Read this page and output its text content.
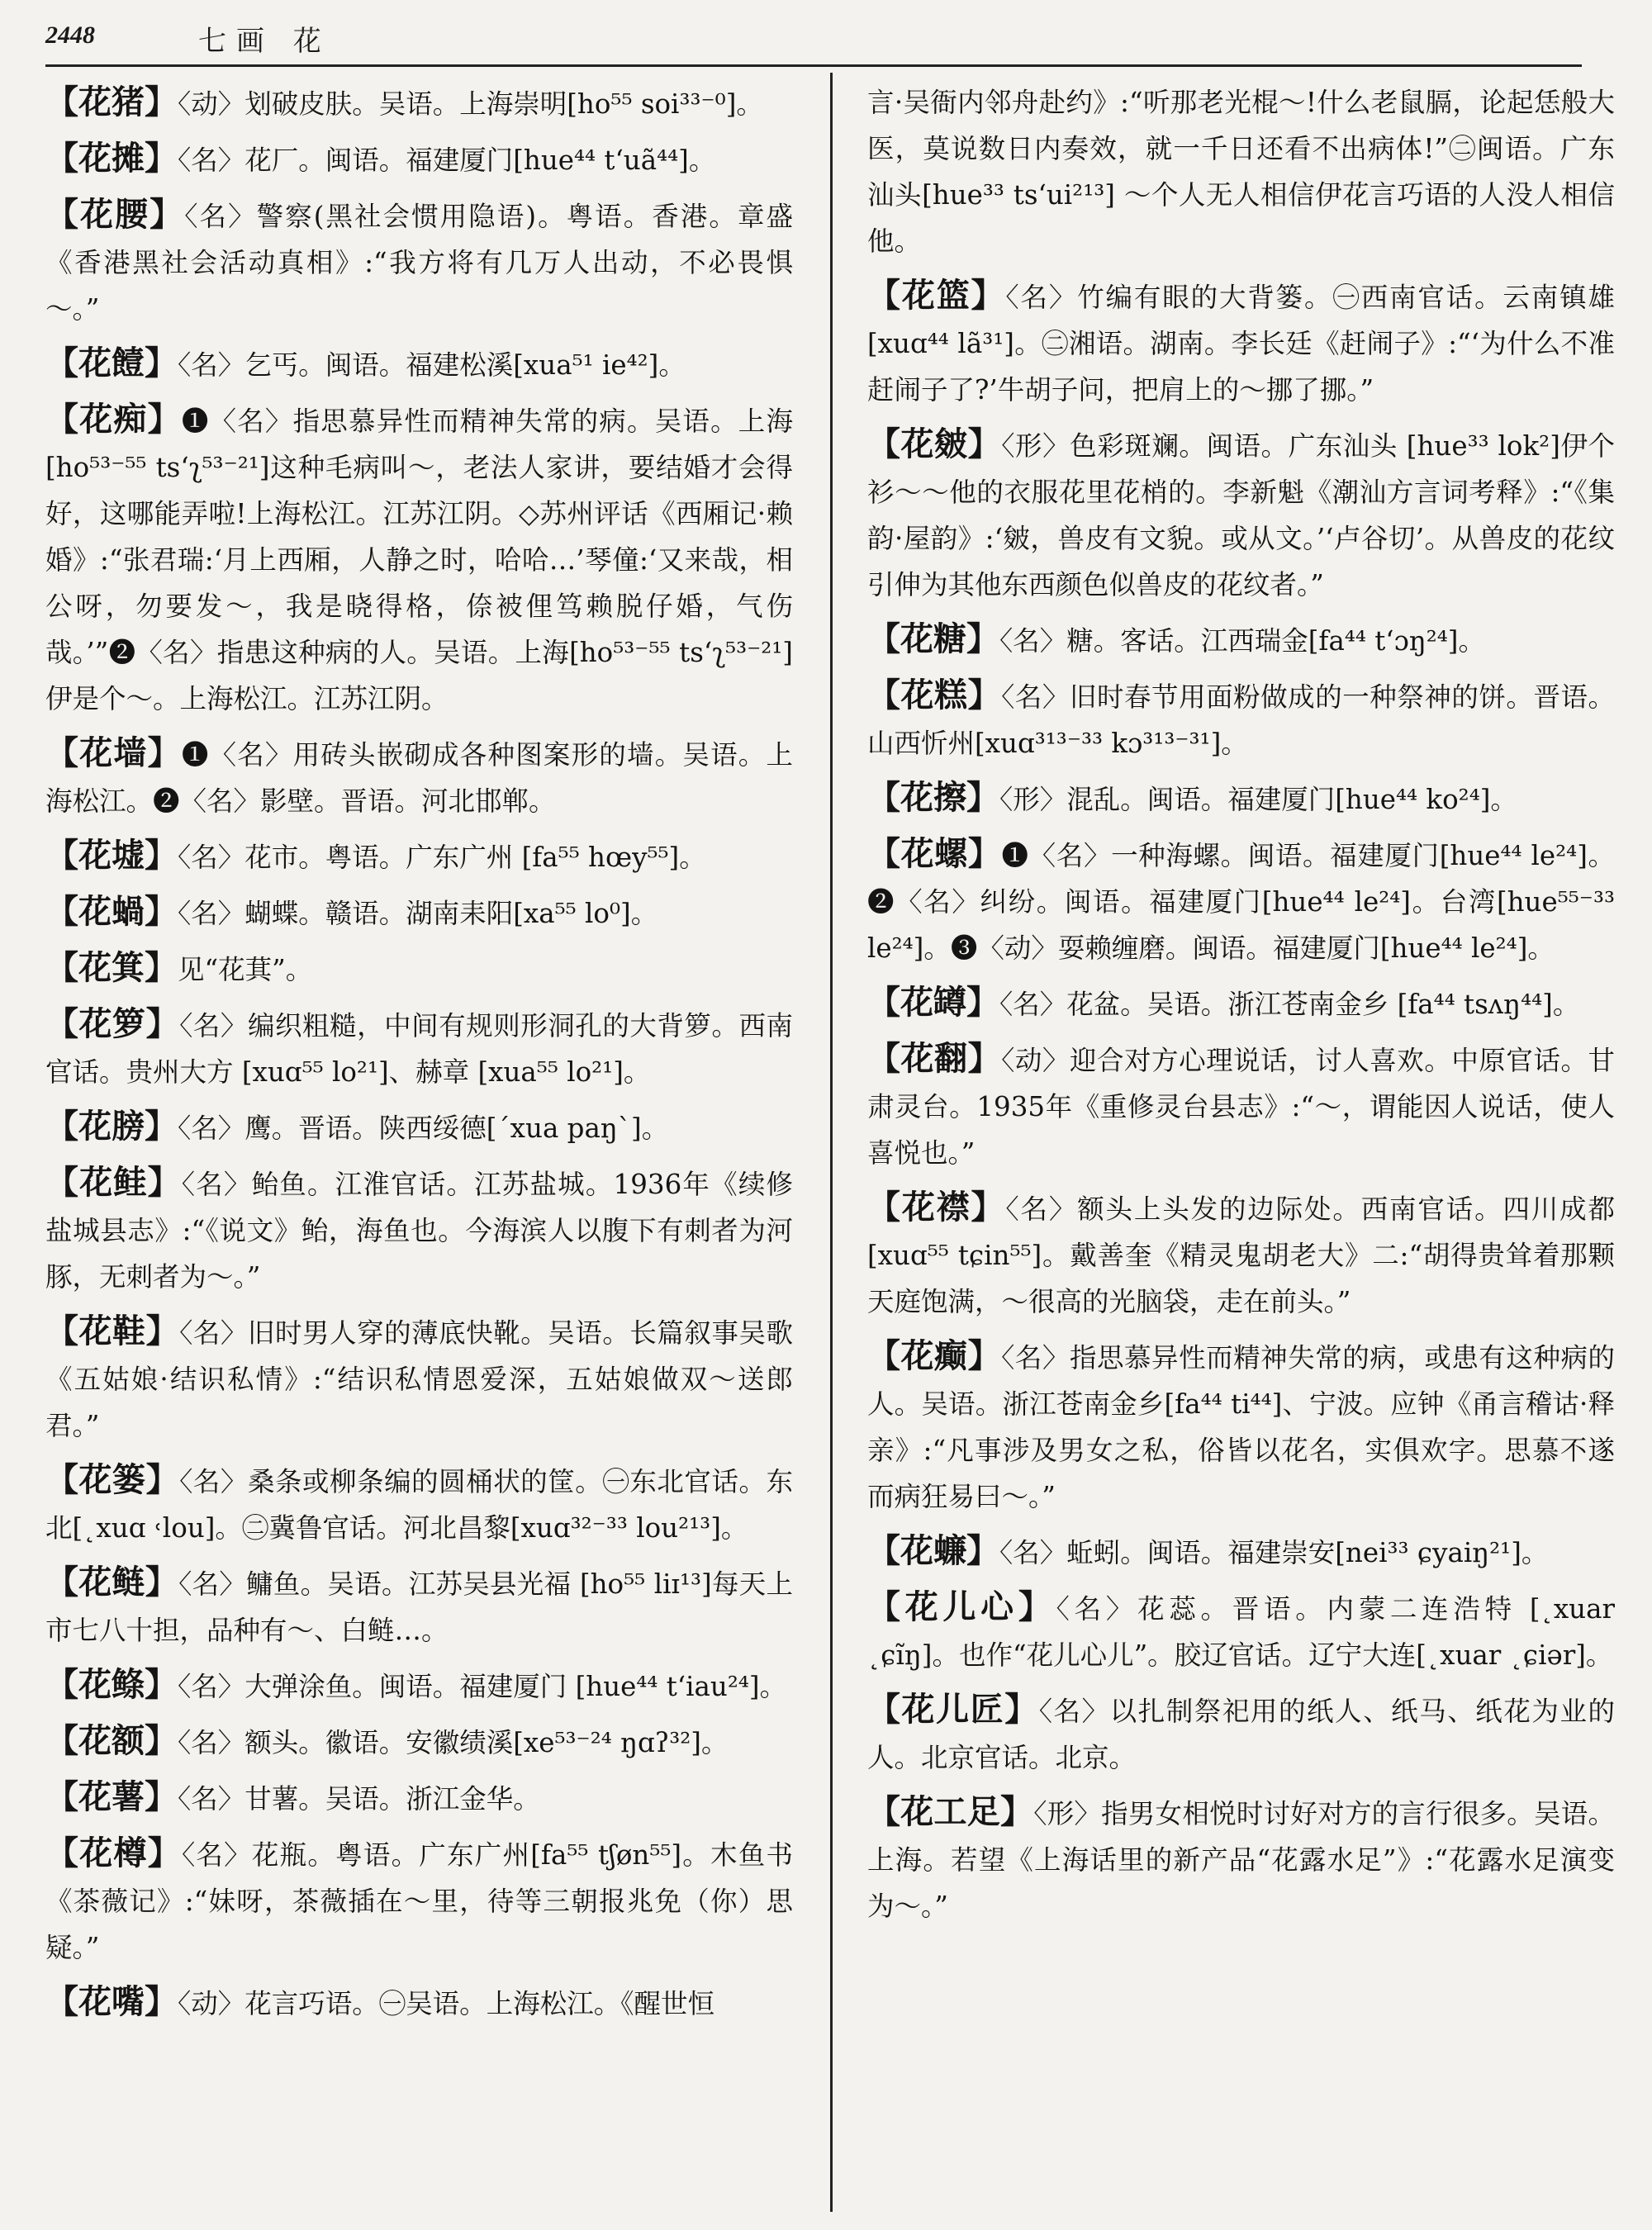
2448	七画 花

【花猪】〈动〉划破皮肤。吴语。上海崇明[ho⁵⁵ soi³³⁻⁰]。

【花摊】〈名〉花厂。闽语。福建厦门[hue⁴⁴ t‘uã⁴⁴]。

【花腰】〈名〉警察(黑社会惯用隐语)。粤语。香港。章盛《香港黑社会活动真相》:“我方将有几万人出动，不必畏惧～。”

【花饐】〈名〉乞丐。闽语。福建松溪[xua⁵¹ ie⁴²]。

【花痴】❶〈名〉指思慕异性而精神失常的病。吴语。上海[ho⁵³⁻⁵⁵ ts‘ʅ⁵³⁻²¹]这种毛病叫～，老法人家讲，要结婚才会得好，这哪能弄啦!上海松江。江苏江阴。◇苏州评话《西厢记·赖婚》:“张君瑞:‘月上西厢，人静之时，哈哈…’琴僮:‘又来哉，相公呀，勿要发～，我是晓得格，倷被俚笃赖脱仔婚，气伤哉。’”❷〈名〉指患这种病的人。吴语。上海[ho⁵³⁻⁵⁵ ts‘ʅ⁵³⁻²¹]伊是个～。上海松江。江苏江阴。

【花墙】❶〈名〉用砖头嵌砌成各种图案形的墙。吴语。上海松江。❷〈名〉影壁。晋语。河北邯郸。

【花墟】〈名〉花市。粤语。广东广州 [fa⁵⁵ hœy⁵⁵]。

【花蝸】〈名〉蝴蝶。赣语。湖南耒阳[xa⁵⁵ lo⁰]。

【花箕】见“花萁”。

【花箩】〈名〉编织粗糙，中间有规则形洞孔的大背箩。西南官话。贵州大方 [xuɑ⁵⁵ lo²¹]、赫章 [xua⁵⁵ lo²¹]。

【花膀】〈名〉鹰。晋语。陕西绥德[ˊxua paŋˋ]。

【花鲑】〈名〉鲐鱼。江淮官话。江苏盐城。1936年《续修盐城县志》:“《说文》鲐，海鱼也。今海滨人以腹下有刺者为河豚，无刺者为～。”

【花鞋】〈名〉旧时男人穿的薄底快靴。吴语。长篇叙事吴歌《五姑娘·结识私情》:“结识私情恩爱深，五姑娘做双～送郎君。”

【花篓】〈名〉桑条或柳条编的圆桶状的筐。㊀东北官话。东北[˛xuɑ ˓lou]。㊁冀鲁官话。河北昌黎[xuɑ³²⁻³³ lou²¹³]。

【花鲢】〈名〉鳙鱼。吴语。江苏吴县光福 [ho⁵⁵ liɪ¹³]每天上市七八十担，品种有～、白鲢…。

【花鲦】〈名〉大弹涂鱼。闽语。福建厦门 [hue⁴⁴ t‘iau²⁴]。

【花额】〈名〉额头。徽语。安徽绩溪[xe⁵³⁻²⁴ ŋɑʔ³²]。

【花薯】〈名〉甘薯。吴语。浙江金华。

【花樽】〈名〉花瓶。粤语。广东广州[fa⁵⁵ tʃøn⁵⁵]。木鱼书《茶薇记》:“妹呀，茶薇插在～里，待等三朝报兆免（你）思疑。”

【花嘴】〈动〉花言巧语。㊀吴语。上海松江。《醒世恒

言·吴衙内邻舟赴约》:“听那老光棍～!什么老鼠膈，论起恁般大医，莫说数日内奏效，就一千日还看不出病体!”㊁闽语。广东汕头[hue³³ ts‘ui²¹³] ～个人无人相信伊花言巧语的人没人相信他。

【花篮】〈名〉竹编有眼的大背篓。㊀西南官话。云南镇雄 [xuɑ⁴⁴ lã³¹]。㊁湘语。湖南。李长廷《赶闹子》:“‘为什么不准赶闹子了?’牛胡子问，把肩上的～挪了挪。”

【花皴】〈形〉色彩斑斓。闽语。广东汕头 [hue³³ lok²]伊个衫～～他的衣服花里花梢的。李新魁《潮汕方言词考释》:“《集韵·屋韵》:‘皴，兽皮有文貌。或从文。’‘卢谷切’。从兽皮的花纹引伸为其他东西颜色似兽皮的花纹者。”

【花糖】〈名〉糖。客话。江西瑞金[fa⁴⁴ t‘ɔŋ²⁴]。

【花糕】〈名〉旧时春节用面粉做成的一种祭神的饼。晋语。山西忻州[xuɑ³¹³⁻³³ kɔ³¹³⁻³¹]。

【花擦】〈形〉混乱。闽语。福建厦门[hue⁴⁴ ko²⁴]。

【花螺】❶〈名〉一种海螺。闽语。福建厦门[hue⁴⁴ le²⁴]。❷〈名〉纠纷。闽语。福建厦门[hue⁴⁴ le²⁴]。台湾[hue⁵⁵⁻³³ le²⁴]。❸〈动〉耍赖缠磨。闽语。福建厦门[hue⁴⁴ le²⁴]。

【花罇】〈名〉花盆。吴语。浙江苍南金乡 [fa⁴⁴ tsʌŋ⁴⁴]。

【花翻】〈动〉迎合对方心理说话，讨人喜欢。中原官话。甘肃灵台。1935年《重修灵台县志》:“～，谓能因人说话，使人喜悦也。”

【花襟】〈名〉额头上头发的边际处。西南官话。四川成都[xuɑ⁵⁵ tɕin⁵⁵]。戴善奎《精灵鬼胡老大》二:“胡得贵耸着那颗天庭饱满，～很高的光脑袋，走在前头。”

【花癫】〈名〉指思慕异性而精神失常的病，或患有这种病的人。吴语。浙江苍南金乡[fa⁴⁴ ti⁴⁴]、宁波。应钟《甬言稽诂·释亲》:“凡事涉及男女之私，俗皆以花名，实俱欢字。思慕不遂而病狂易曰～。”

【花蠊】〈名〉蚯蚓。闽语。福建崇安[nei³³ ɕyaiŋ²¹]。

【花儿心】〈名〉花蕊。晋语。内蒙二连浩特 [˛xuar ˛ɕĩŋ]。也作“花儿心儿”。胶辽官话。辽宁大连[˛xuar ˛ɕiər]。

【花儿匠】〈名〉以扎制祭祀用的纸人、纸马、纸花为业的人。北京官话。北京。

【花工足】〈形〉指男女相悦时讨好对方的言行很多。吴语。上海。若望《上海话里的新产品“花露水足”》:“花露水足演变为～。”
